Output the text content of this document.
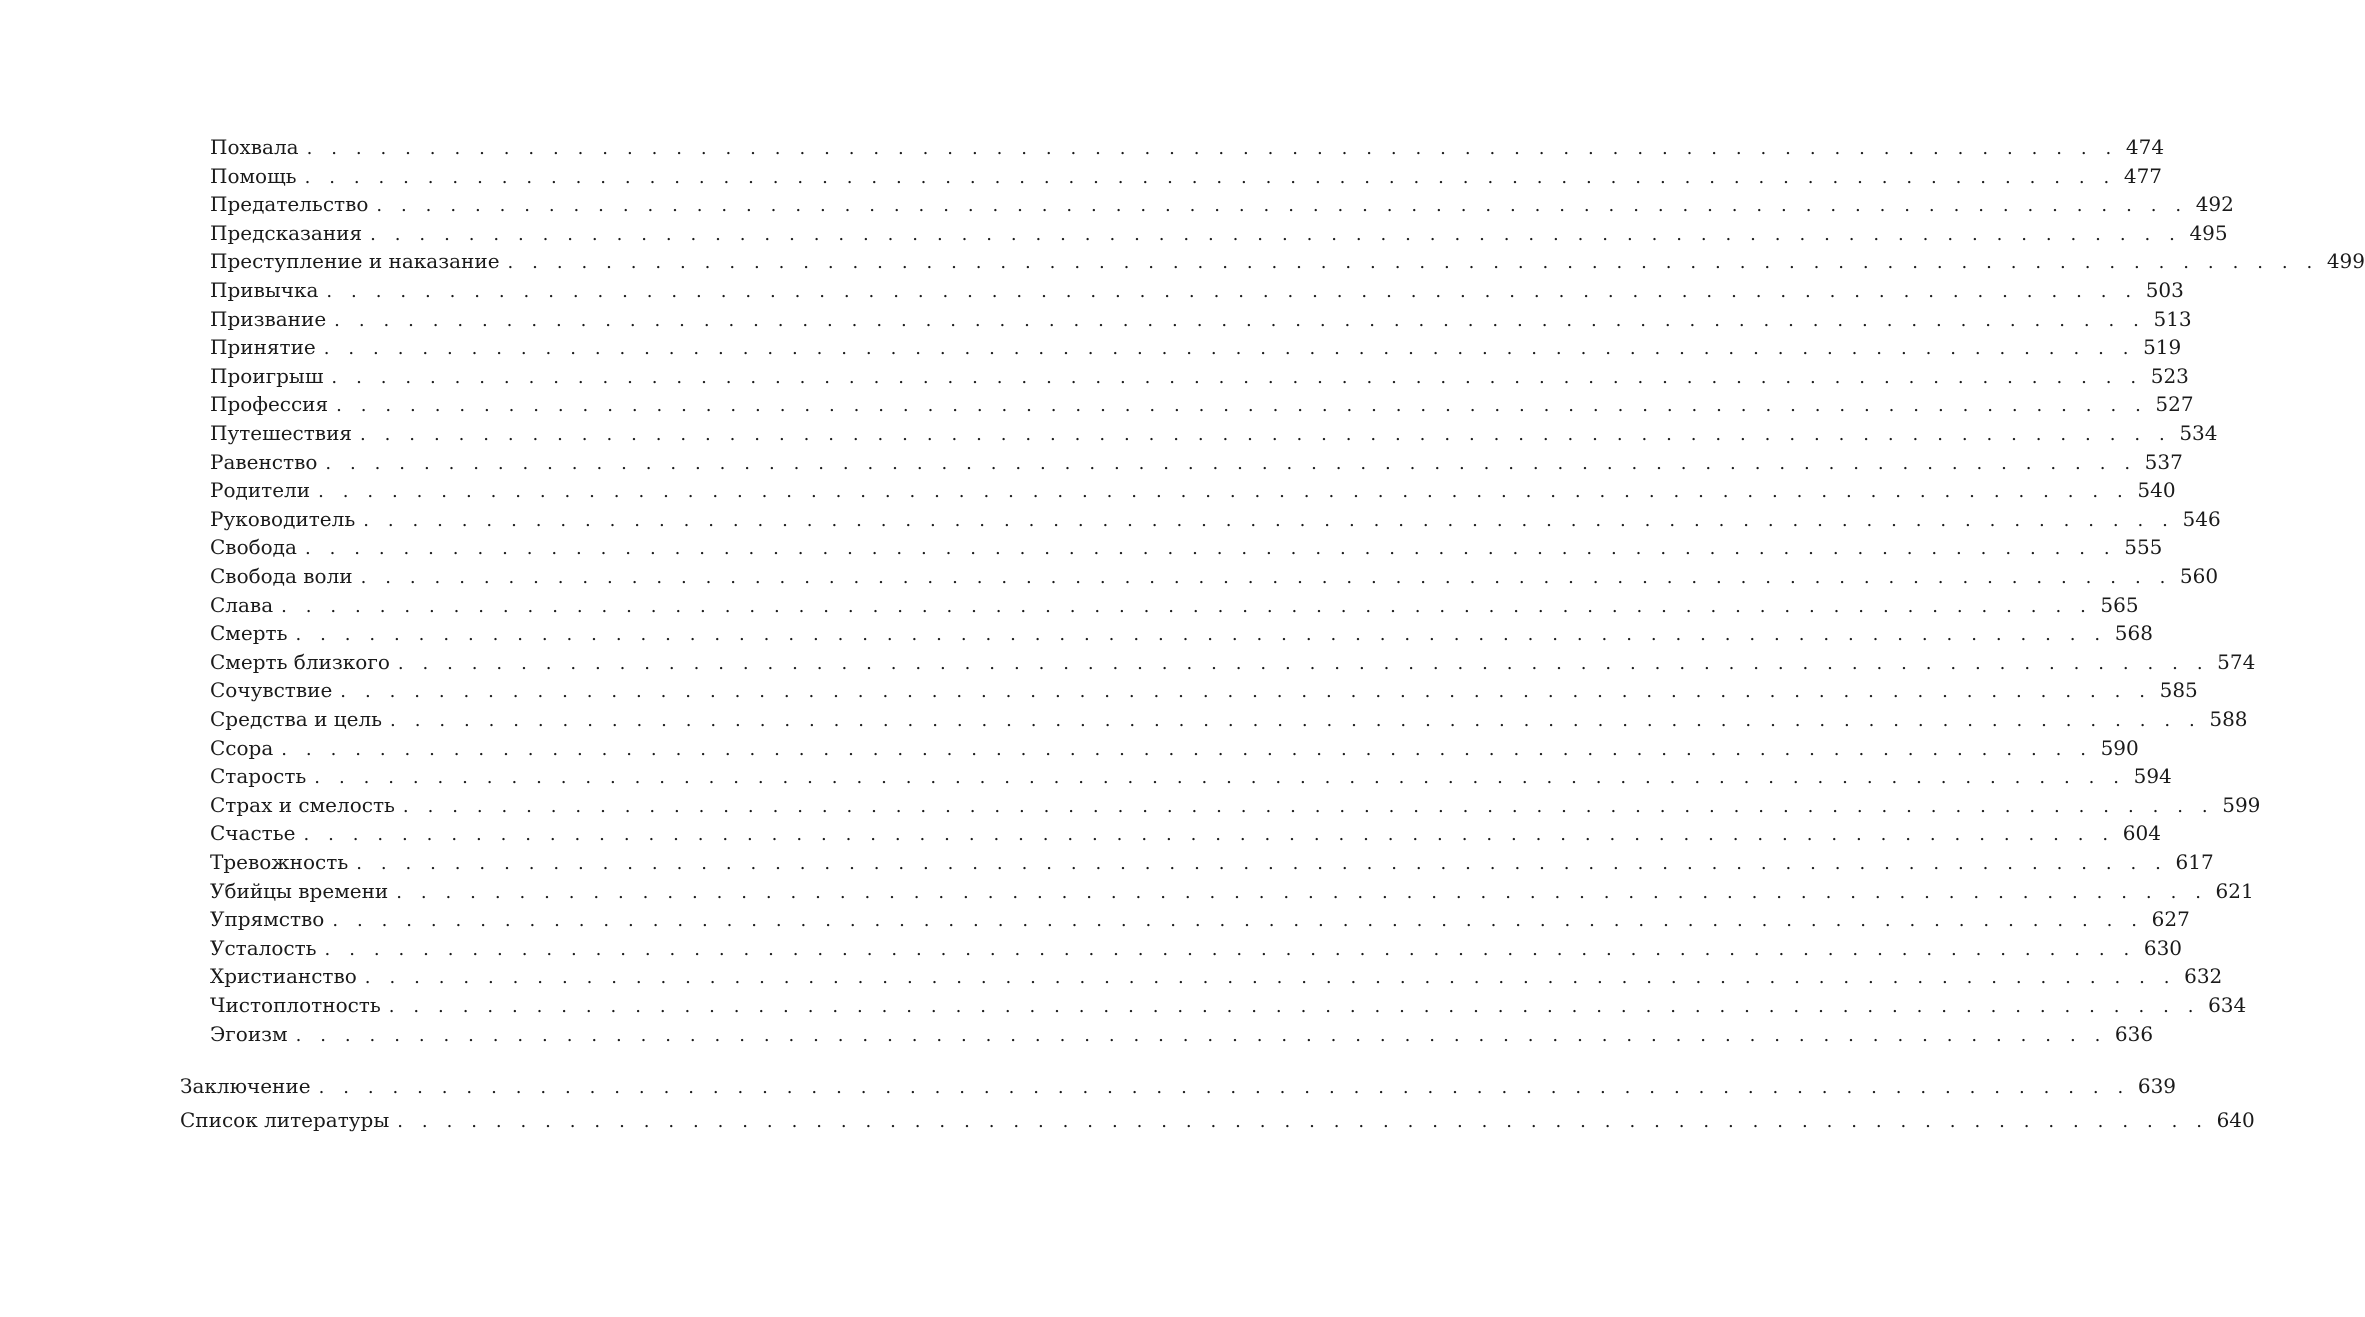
Похвала . . . . . . . . . . . . . . . . . . . . . . . . . . . . . . . . . . . . . . . . . . . . . . . . . . . . . . . . . . . . . . . . . . . . . . . . . . 474
Помощь . . . . . . . . . . . . . . . . . . . . . . . . . . . . . . . . . . . . . . . . . . . . . . . . . . . . . . . . . . . . . . . . . . . . . . . . . . 477
Предательство . . . . . . . . . . . . . . . . . . . . . . . . . . . . . . . . . . . . . . . . . . . . . . . . . . . . . . . . . . . . . . . . . . . . . . . . . . 492
Предсказания . . . . . . . . . . . . . . . . . . . . . . . . . . . . . . . . . . . . . . . . . . . . . . . . . . . . . . . . . . . . . . . . . . . . . . . . . . 495
Преступление и наказание . . . . . . . . . . . . . . . . . . . . . . . . . . . . . . . . . . . . . . . . . . . . . . . . . . . . . . . . . . . . . . . . . . . . . . . . . . 499
Привычка . . . . . . . . . . . . . . . . . . . . . . . . . . . . . . . . . . . . . . . . . . . . . . . . . . . . . . . . . . . . . . . . . . . . . . . . . . 503
Призвание . . . . . . . . . . . . . . . . . . . . . . . . . . . . . . . . . . . . . . . . . . . . . . . . . . . . . . . . . . . . . . . . . . . . . . . . . . 513
Принятие . . . . . . . . . . . . . . . . . . . . . . . . . . . . . . . . . . . . . . . . . . . . . . . . . . . . . . . . . . . . . . . . . . . . . . . . . . 519
Проигрыш . . . . . . . . . . . . . . . . . . . . . . . . . . . . . . . . . . . . . . . . . . . . . . . . . . . . . . . . . . . . . . . . . . . . . . . . . . 523
Профессия . . . . . . . . . . . . . . . . . . . . . . . . . . . . . . . . . . . . . . . . . . . . . . . . . . . . . . . . . . . . . . . . . . . . . . . . . . 527
Путешествия . . . . . . . . . . . . . . . . . . . . . . . . . . . . . . . . . . . . . . . . . . . . . . . . . . . . . . . . . . . . . . . . . . . . . . . . . . 534
Равенство . . . . . . . . . . . . . . . . . . . . . . . . . . . . . . . . . . . . . . . . . . . . . . . . . . . . . . . . . . . . . . . . . . . . . . . . . . 537
Родители . . . . . . . . . . . . . . . . . . . . . . . . . . . . . . . . . . . . . . . . . . . . . . . . . . . . . . . . . . . . . . . . . . . . . . . . . . 540
Руководитель . . . . . . . . . . . . . . . . . . . . . . . . . . . . . . . . . . . . . . . . . . . . . . . . . . . . . . . . . . . . . . . . . . . . . . . . . . 546
Свобода . . . . . . . . . . . . . . . . . . . . . . . . . . . . . . . . . . . . . . . . . . . . . . . . . . . . . . . . . . . . . . . . . . . . . . . . . . 555
Свобода воли . . . . . . . . . . . . . . . . . . . . . . . . . . . . . . . . . . . . . . . . . . . . . . . . . . . . . . . . . . . . . . . . . . . . . . . . . . 560
Слава . . . . . . . . . . . . . . . . . . . . . . . . . . . . . . . . . . . . . . . . . . . . . . . . . . . . . . . . . . . . . . . . . . . . . . . . . . 565
Смерть . . . . . . . . . . . . . . . . . . . . . . . . . . . . . . . . . . . . . . . . . . . . . . . . . . . . . . . . . . . . . . . . . . . . . . . . . . 568
Смерть близкого . . . . . . . . . . . . . . . . . . . . . . . . . . . . . . . . . . . . . . . . . . . . . . . . . . . . . . . . . . . . . . . . . . . . . . . . . . 574
Сочувствие . . . . . . . . . . . . . . . . . . . . . . . . . . . . . . . . . . . . . . . . . . . . . . . . . . . . . . . . . . . . . . . . . . . . . . . . . . 585
Средства и цель . . . . . . . . . . . . . . . . . . . . . . . . . . . . . . . . . . . . . . . . . . . . . . . . . . . . . . . . . . . . . . . . . . . . . . . . . . 588
Ссора . . . . . . . . . . . . . . . . . . . . . . . . . . . . . . . . . . . . . . . . . . . . . . . . . . . . . . . . . . . . . . . . . . . . . . . . . . 590
Старость . . . . . . . . . . . . . . . . . . . . . . . . . . . . . . . . . . . . . . . . . . . . . . . . . . . . . . . . . . . . . . . . . . . . . . . . . . 594
Страх и смелость . . . . . . . . . . . . . . . . . . . . . . . . . . . . . . . . . . . . . . . . . . . . . . . . . . . . . . . . . . . . . . . . . . . . . . . . . . 599
Счастье . . . . . . . . . . . . . . . . . . . . . . . . . . . . . . . . . . . . . . . . . . . . . . . . . . . . . . . . . . . . . . . . . . . . . . . . . . 604
Тревожность . . . . . . . . . . . . . . . . . . . . . . . . . . . . . . . . . . . . . . . . . . . . . . . . . . . . . . . . . . . . . . . . . . . . . . . . . . 617
Убийцы времени . . . . . . . . . . . . . . . . . . . . . . . . . . . . . . . . . . . . . . . . . . . . . . . . . . . . . . . . . . . . . . . . . . . . . . . . . . 621
Упрямство . . . . . . . . . . . . . . . . . . . . . . . . . . . . . . . . . . . . . . . . . . . . . . . . . . . . . . . . . . . . . . . . . . . . . . . . . . 627
Усталость . . . . . . . . . . . . . . . . . . . . . . . . . . . . . . . . . . . . . . . . . . . . . . . . . . . . . . . . . . . . . . . . . . . . . . . . . . 630
Христианство . . . . . . . . . . . . . . . . . . . . . . . . . . . . . . . . . . . . . . . . . . . . . . . . . . . . . . . . . . . . . . . . . . . . . . . . . . 632
Чистоплотность . . . . . . . . . . . . . . . . . . . . . . . . . . . . . . . . . . . . . . . . . . . . . . . . . . . . . . . . . . . . . . . . . . . . . . . . . . 634
Эгоизм . . . . . . . . . . . . . . . . . . . . . . . . . . . . . . . . . . . . . . . . . . . . . . . . . . . . . . . . . . . . . . . . . . . . . . . . . . 636
Заключение . . . . . . . . . . . . . . . . . . . . . . . . . . . . . . . . . . . . . . . . . . . . . . . . . . . . . . . . . . . . . . . . . . . . . . . . . . 639
Список литературы . . . . . . . . . . . . . . . . . . . . . . . . . . . . . . . . . . . . . . . . . . . . . . . . . . . . . . . . . . . . . . . . . . . . . . . . . . 640
